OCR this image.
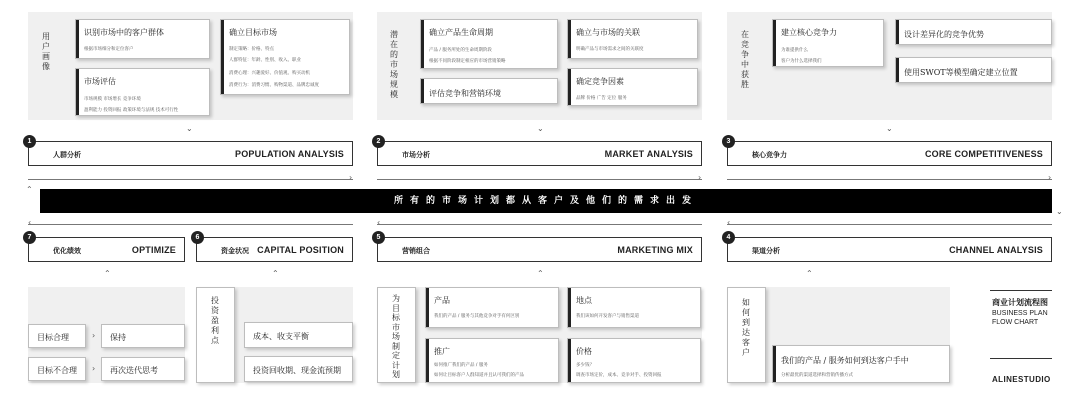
用户画像
识别市场中的客户群体
根据市场细分和定位客户
确立目标市场
制定策略：价格、特点
人群特征：年龄、性别、收入、职业
消费心理：兴趣爱好、价值观、购买动机
消费行为：消费习惯、购物渠道、品牌忠诚度
市场评估
市场规模 市场增长 竞争环境
盈利能力 投资回报 政策环境与法规 技术可行性
潜在的市场规模
确立产品生命周期
产品 / 服务所处的生命周期阶段
根据不同阶段制定相应的市场营销策略
确立与市场的关联
明确产品与市场需求之间的关联度
评估竞争和营销环境
确定竞争因素
品牌 价格 广告 定位 服务
在竞争中获胜
建立核心竞争力
为谁提供什么
客户为什么选择我们
设计差异化的竞争优势
使用SWOT等模型确定建立位置
⌄	⌄	⌄
1
人群分析	POPULATION ANALYSIS
2
市场分析	MARKET ANALYSIS
3
核心竞争力	CORE COMPETITIVENESS
›	›	›
⌃
⌄
所有的市场计划都从客户及他们的需求出发
‹	‹	‹
7
优化绩效	OPTIMIZE
6
资金状况 CAPITAL POSITION
5
营销组合	MARKETING MIX
4
渠道分析	CHANNEL ANALYSIS
⌃	⌃	⌃	⌃
目标合理	› 保持
目标不合理 › 再次迭代思考
投资盈利点	成本、收支平衡
投资回收期、现金流预期
为目标市场制定计划
产品
我们的产品 / 服务与其他竞争对手有何区别
地点
我们该如何开发客户与销售渠道
推广
如何推广我们的产品 / 服务
如何让目标客户人群知道并且认可我们的产品
价格
多少钱？
调查市场定价，成本、竞争对手、投资回报
如何到达客户
我们的产品 / 服务如何到达客户手中
分析最优的渠道选择和营销传播方式
商业计划流程图
BUSINESS PLAN
FLOW CHART
ALINESTUDIO
